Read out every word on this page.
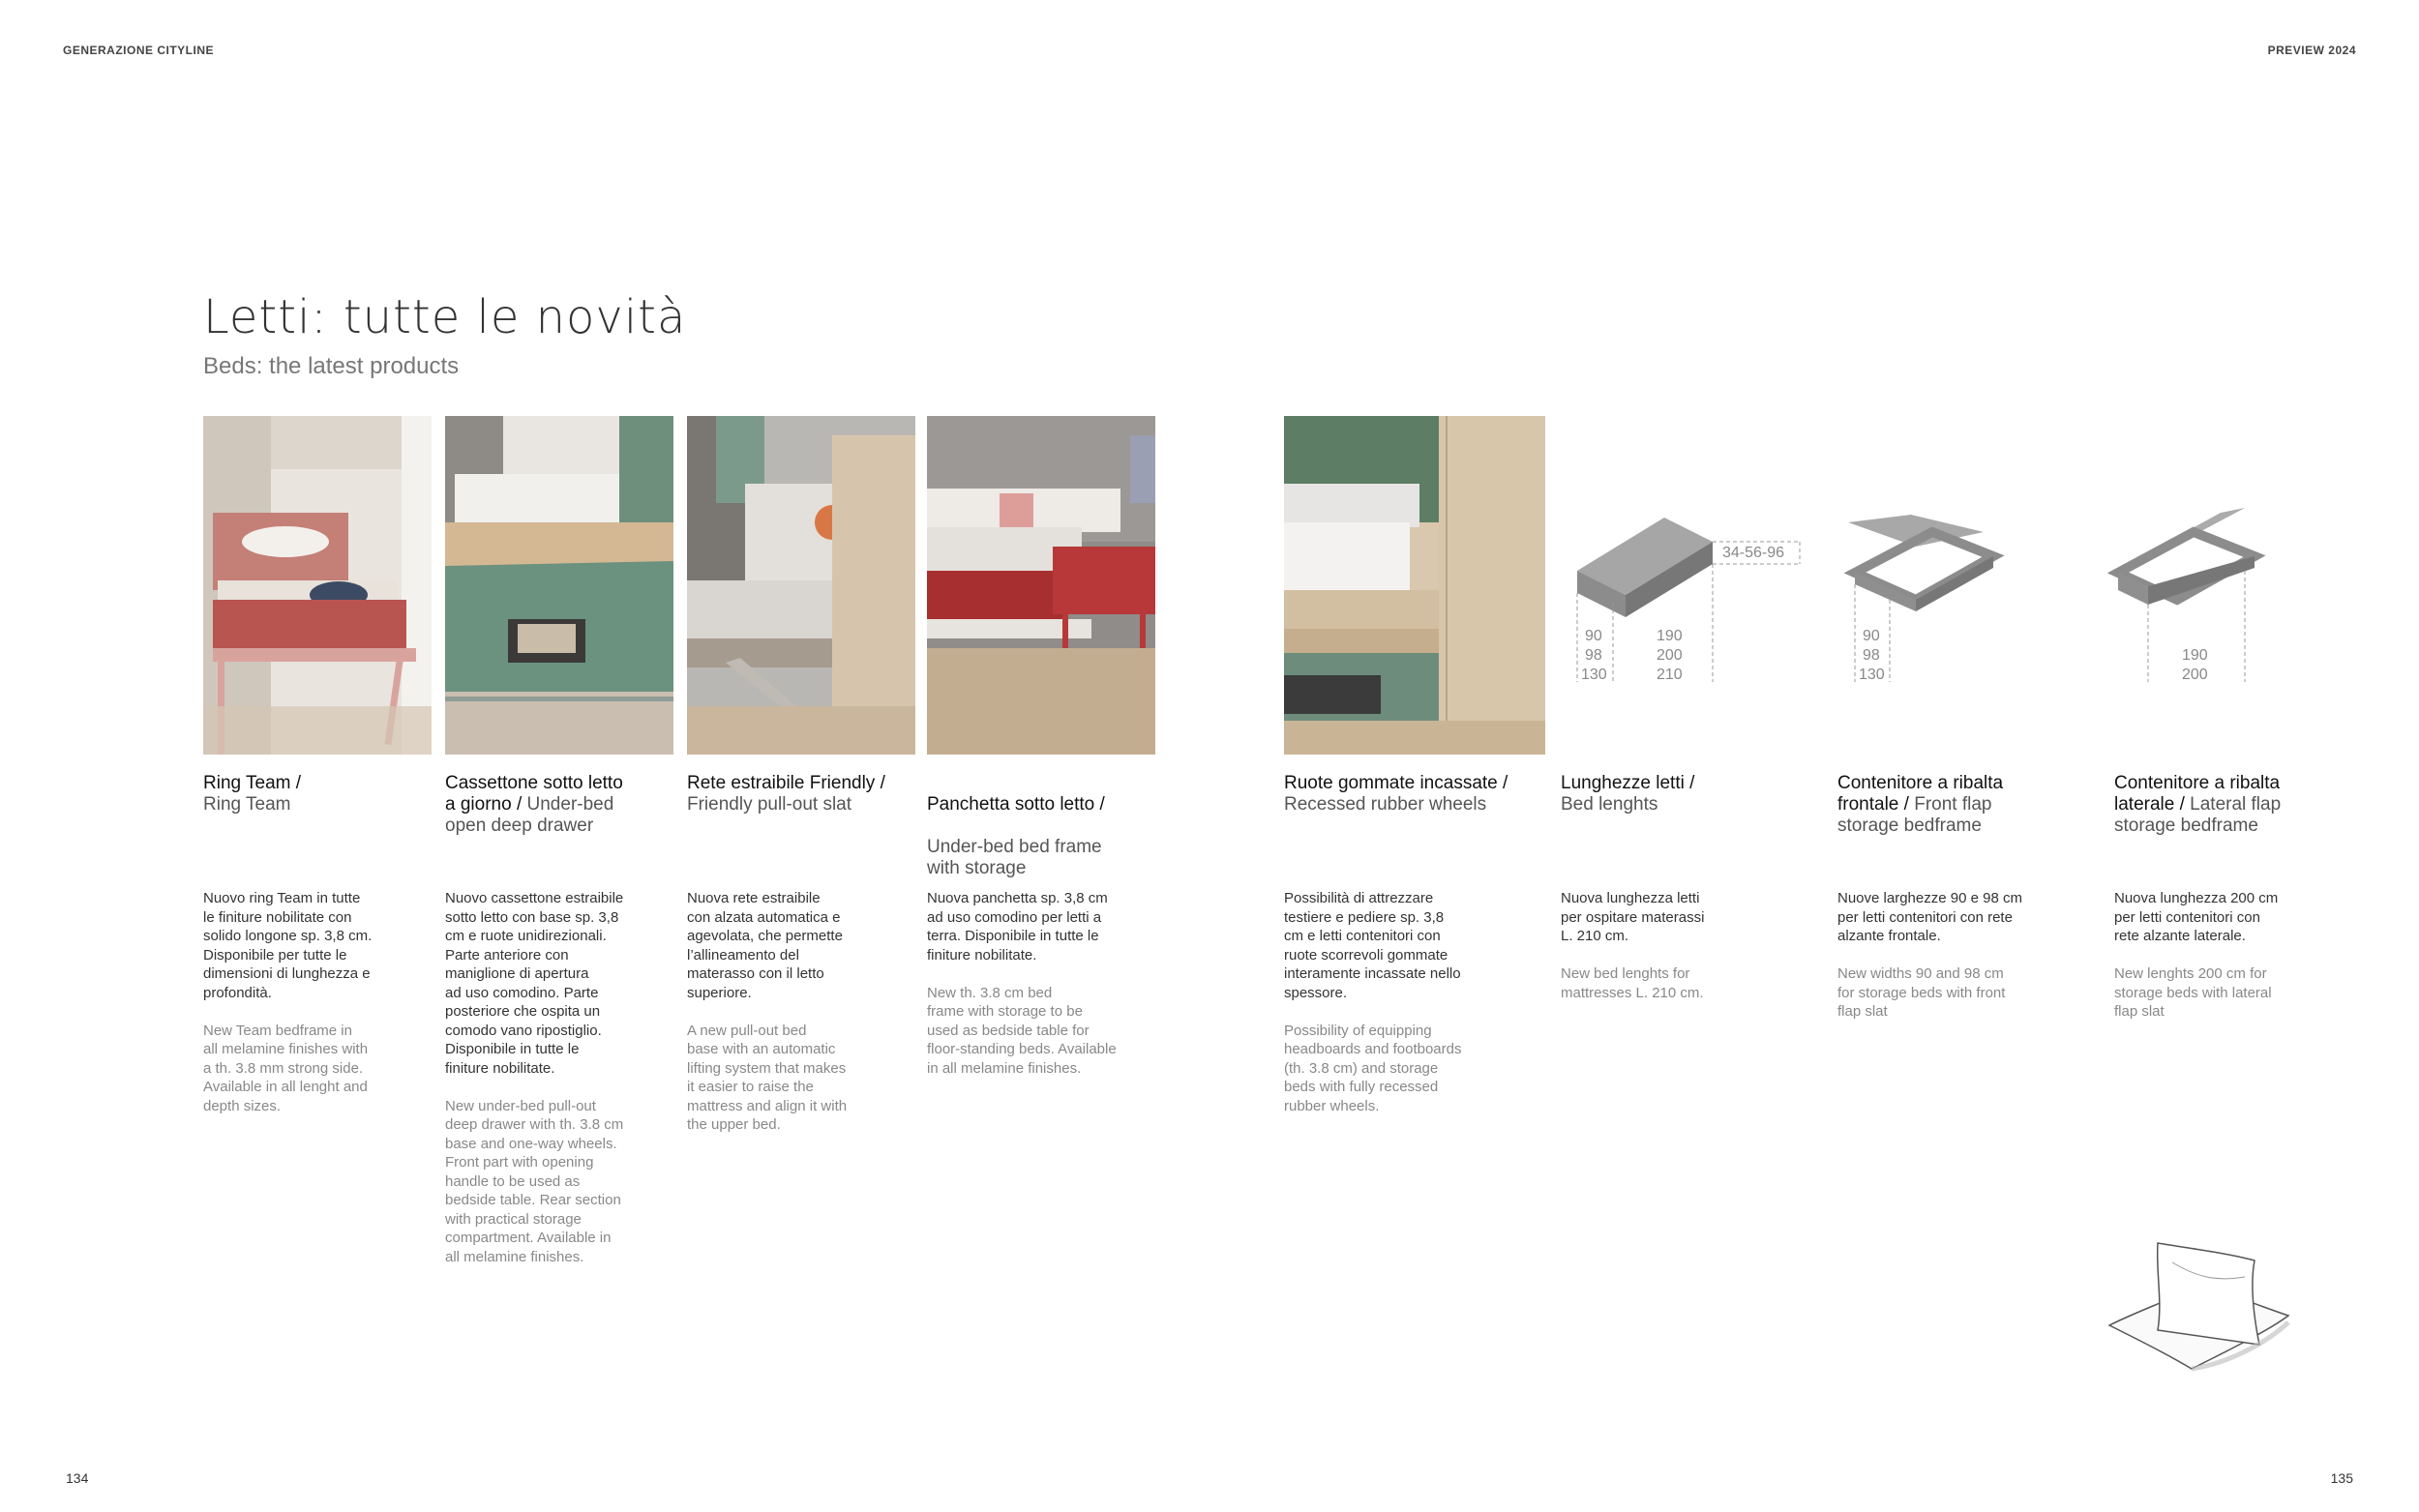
GENERAZIONE CITYLINE	PREVIEW 2024
Letti: tutte le novità
Beds: the latest products
34-56-96
90
98
130
190
200
210
90
98
130
190
200
Ring Team /
Ring Team
Cassettone sotto letto
a giorno / Under-bed
open deep drawer
Rete estraibile Friendly /
Friendly pull-out slat	Panchetta sotto letto /

Under-bed bed frame
with storage

Ruote gommate incassate /
Recessed rubber wheels
Lunghezze letti /
Bed lenghts
Contenitore a ribalta
frontale / Front flap
storage bedframe
Contenitore a ribalta
laterale / Lateral flap
storage bedframe

Nuovo ring Team in tutte
le finiture nobilitate con
solido longone sp. 3,8 cm.
Disponibile per tutte le
dimensioni di lunghezza e
profondità.

New Team bedframe in
all melamine finishes with
a th. 3.8 mm strong side.
Available in all lenght and
depth sizes.

Nuovo cassettone estraibile
sotto letto con base sp. 3,8
cm e ruote unidirezionali.
Parte anteriore con
maniglione di apertura
ad uso comodino. Parte
posteriore che ospita un
comodo vano ripostiglio.
Disponibile in tutte le
finiture nobilitate.

New under-bed pull-out
deep drawer with th. 3.8 cm
base and one-way wheels.
Front part with opening
handle to be used as
bedside table. Rear section
with practical storage
compartment. Available in
all melamine finishes.

Nuova rete estraibile
con alzata automatica e
agevolata, che permette
l’allineamento del
materasso con il letto
superiore.

A new pull-out bed
base with an automatic
lifting system that makes
it easier to raise the
mattress and align it with
the upper bed.

Nuova panchetta sp. 3,8 cm
ad uso comodino per letti a
terra. Disponibile in tutte le
finiture nobilitate.

New th. 3.8 cm bed
frame with storage to be
used as bedside table for
floor-standing beds. Available
in all melamine finishes.

Possibilità di attrezzare
testiere e pediere sp. 3,8
cm e letti contenitori con
ruote scorrevoli gommate
interamente incassate nello
spessore.

Possibility of equipping
headboards and footboards
(th. 3.8 cm) and storage
beds with fully recessed
rubber wheels.

Nuova lunghezza letti
per ospitare materassi
L. 210 cm.

New bed lenghts for
mattresses L. 210 cm.

Nuove larghezze 90 e 98 cm
per letti contenitori con rete
alzante frontale.

New widths 90 and 98 cm
for storage beds with front
flap slat

Nuova lunghezza 200 cm
per letti contenitori con
rete alzante laterale.

New lenghts 200 cm for
storage beds with lateral
flap slat

134	135
